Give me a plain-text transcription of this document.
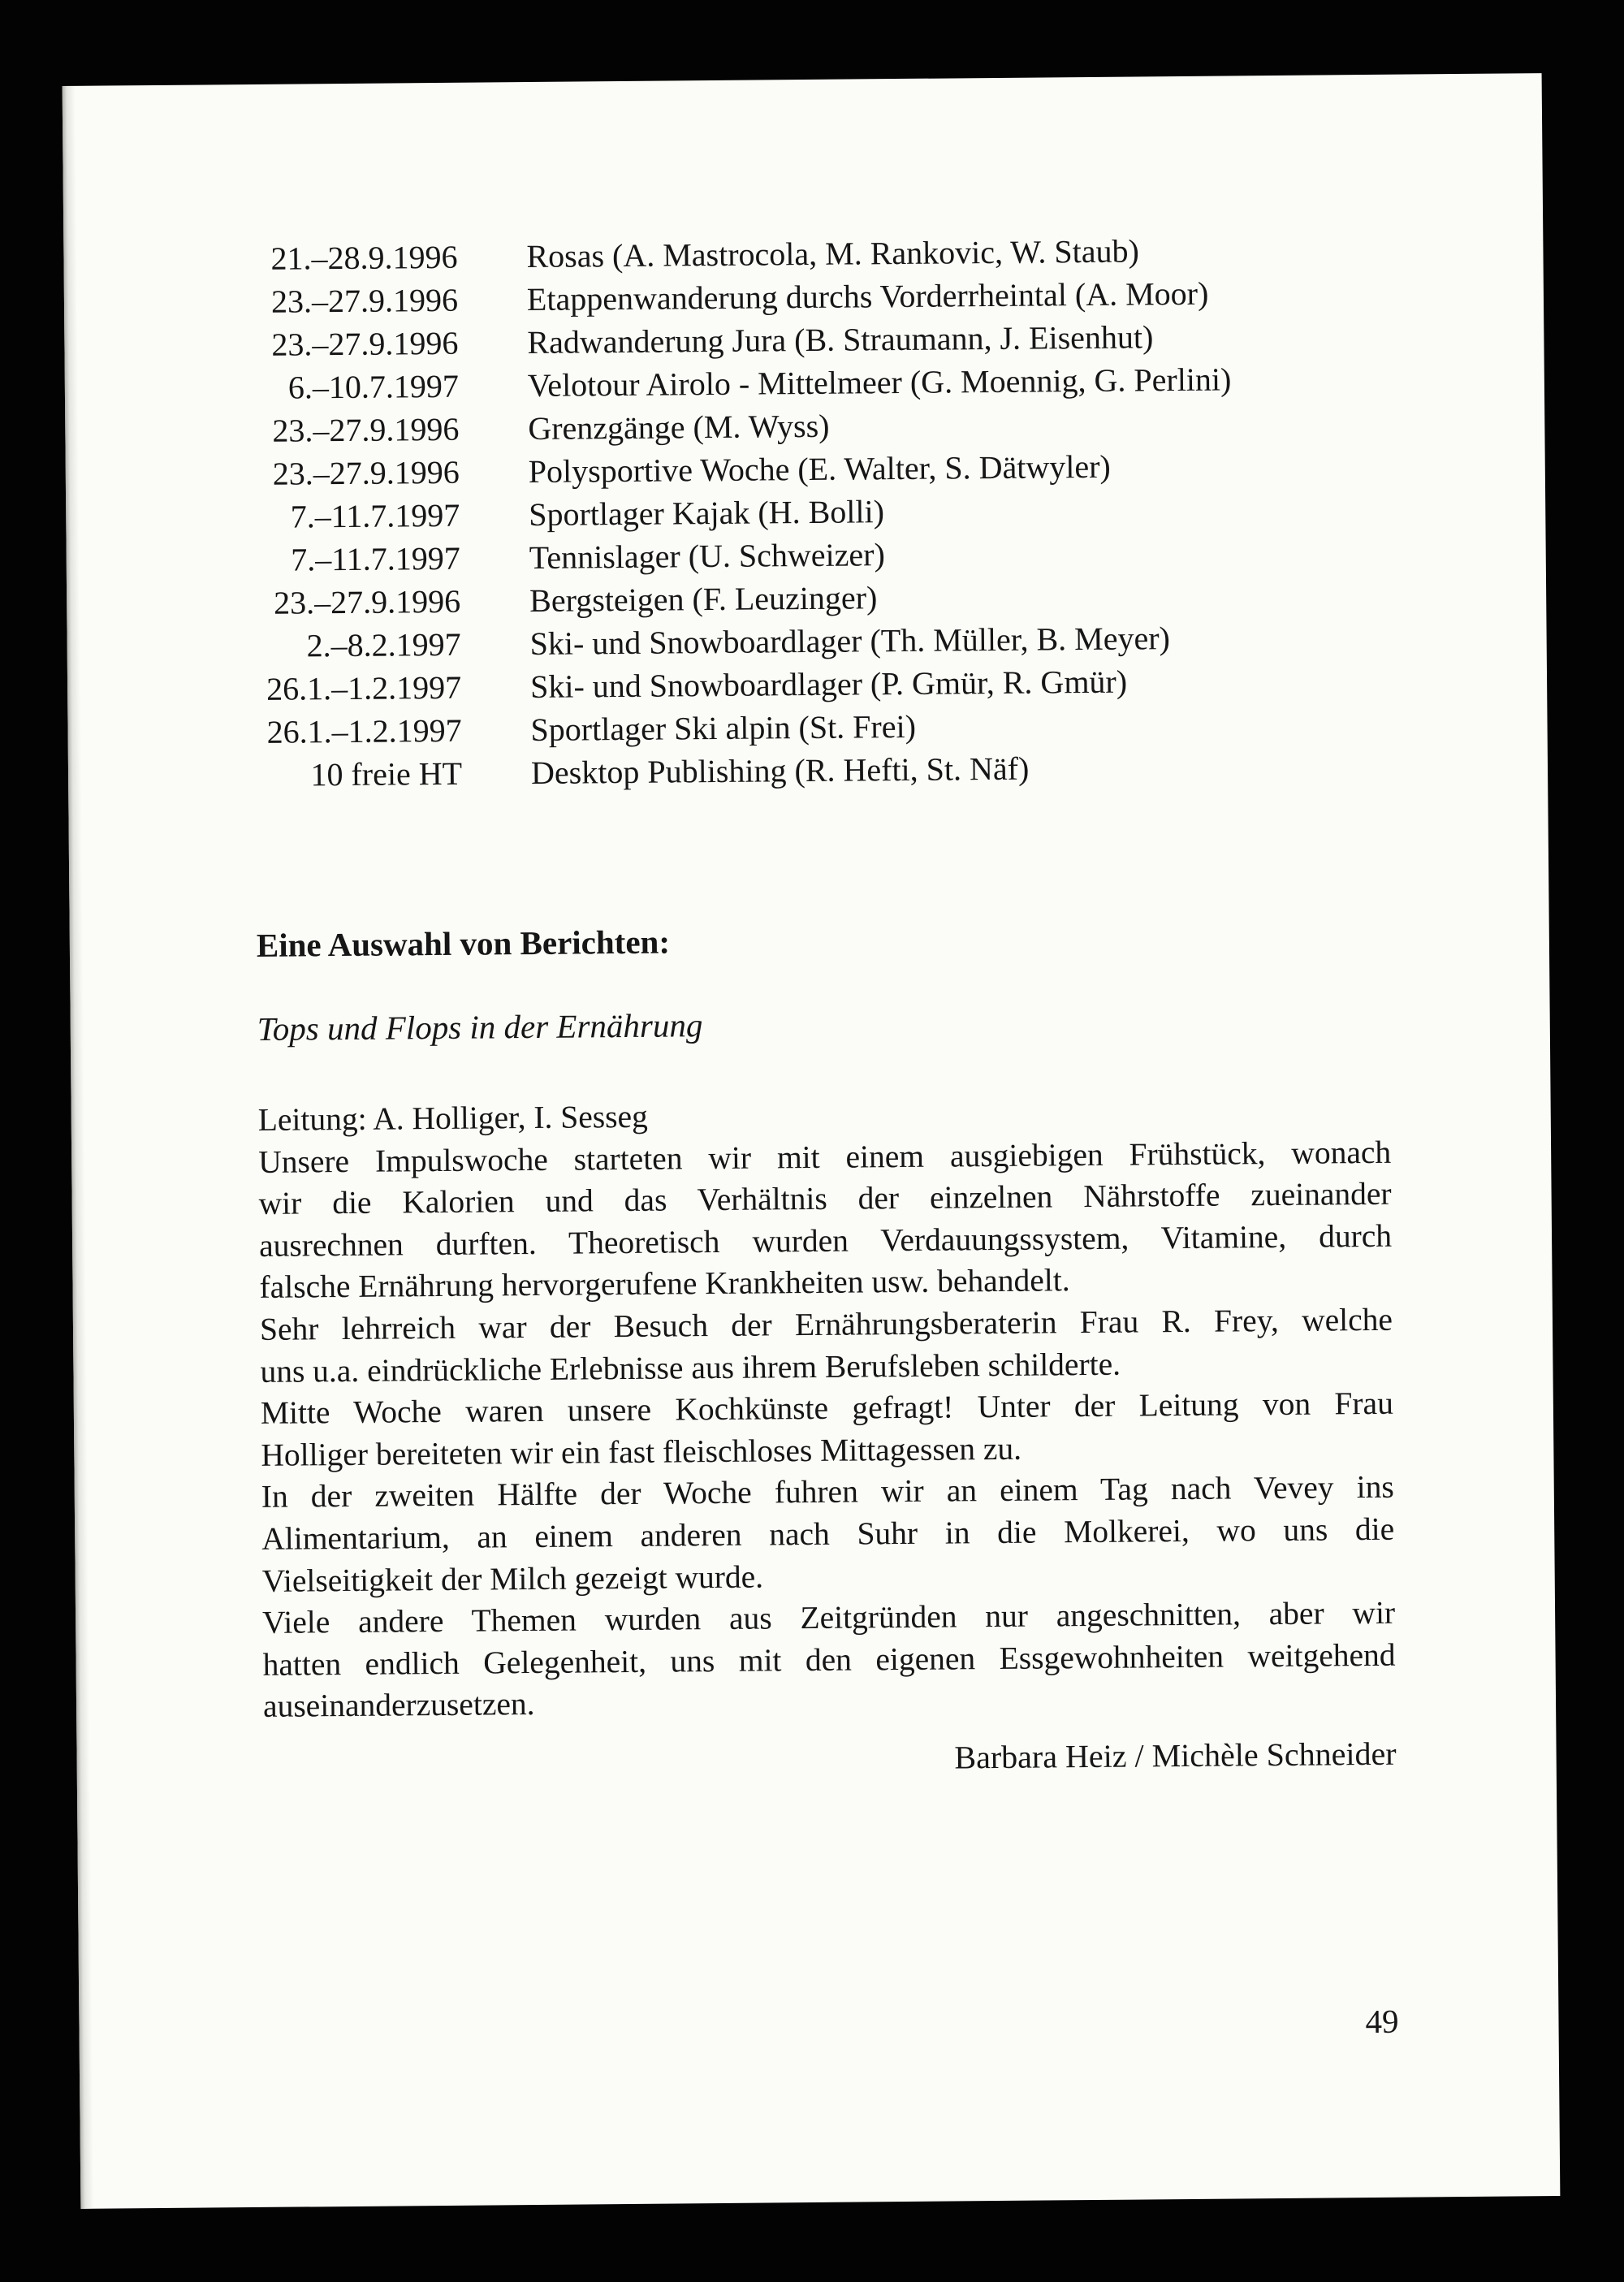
21.–28.9.1996 Rosas (A. Mastrocola, M. Rankovic, W. Staub)
23.–27.9.1996 Etappenwanderung durchs Vorderrheintal (A. Moor)
23.–27.9.1996 Radwanderung Jura (B. Straumann, J. Eisenhut)
6.–10.7.1997 Velotour Airolo - Mittelmeer (G. Moennig, G. Perlini)
23.–27.9.1996 Grenzgänge (M. Wyss)
23.–27.9.1996 Polysportive Woche (E. Walter, S. Dätwyler)
7.–11.7.1997 Sportlager Kajak (H. Bolli)
7.–11.7.1997 Tennislager (U. Schweizer)
23.–27.9.1996 Bergsteigen (F. Leuzinger)
2.–8.2.1997 Ski- und Snowboardlager (Th. Müller, B. Meyer)
26.1.–1.2.1997 Ski- und Snowboardlager (P. Gmür, R. Gmür)
26.1.–1.2.1997 Sportlager Ski alpin (St. Frei)
10 freie HT Desktop Publishing (R. Hefti, St. Näf)
Eine Auswahl von Berichten:
Tops und Flops in der Ernährung
Leitung: A. Holliger, I. Sesseg
Unsere Impulswoche starteten wir mit einem ausgiebigen Frühstück, wonach
wir die Kalorien und das Verhältnis der einzelnen Nährstoffe zueinander
ausrechnen durften. Theoretisch wurden Verdauungssystem, Vitamine, durch
falsche Ernährung hervorgerufene Krankheiten usw. behandelt.
Sehr lehrreich war der Besuch der Ernährungsberaterin Frau R. Frey, welche
uns u.a. eindrückliche Erlebnisse aus ihrem Berufsleben schilderte.
Mitte Woche waren unsere Kochkünste gefragt! Unter der Leitung von Frau
Holliger bereiteten wir ein fast fleischloses Mittagessen zu.
In der zweiten Hälfte der Woche fuhren wir an einem Tag nach Vevey ins
Alimentarium, an einem anderen nach Suhr in die Molkerei, wo uns die
Vielseitigkeit der Milch gezeigt wurde.
Viele andere Themen wurden aus Zeitgründen nur angeschnitten, aber wir
hatten endlich Gelegenheit, uns mit den eigenen Essgewohnheiten weitgehend
auseinanderzusetzen.
Barbara Heiz / Michèle Schneider
49
